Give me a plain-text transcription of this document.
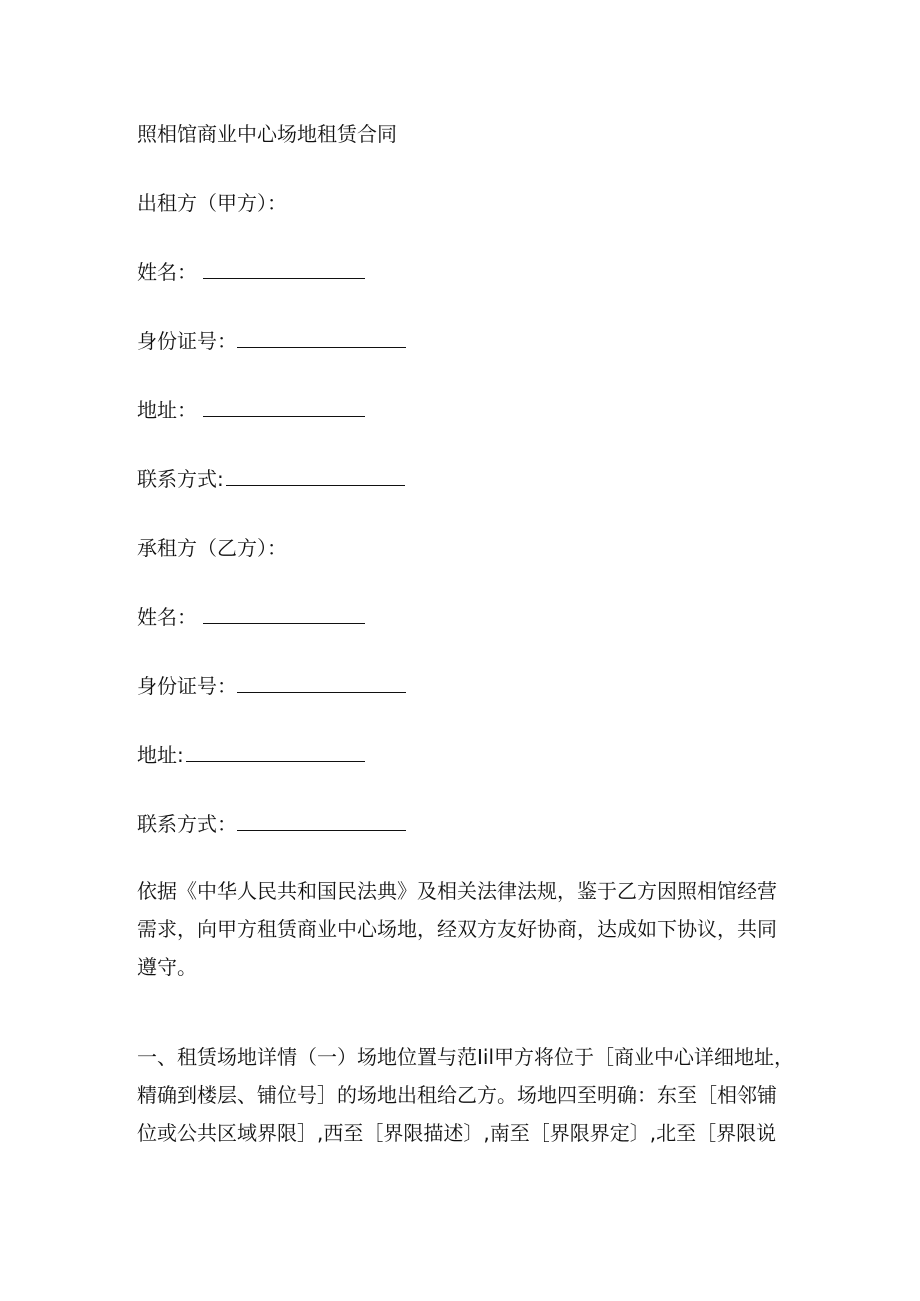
照相馆商业中心场地租赁合同
出租方（甲方）：
姓名：
身份证号：
地址：
联系方式:
承租方（乙方）：
姓名：
身份证号：
地址:
联系方式：
依据《中华人民共和国民法典》及相关法律法规，鉴于乙方因照相馆经营
需求，向甲方租赁商业中心场地，经双方友好协商，达成如下协议，共同
遵守。
一、租赁场地详情（一）场地位置与范Iil甲方将位于［商业中心详细地址，
精确到楼层、铺位号］的场地出租给乙方。场地四至明确：东至［相邻铺
位或公共区域界限］,西至［界限描述〕,南至［界限界定〕,北至［界限说
